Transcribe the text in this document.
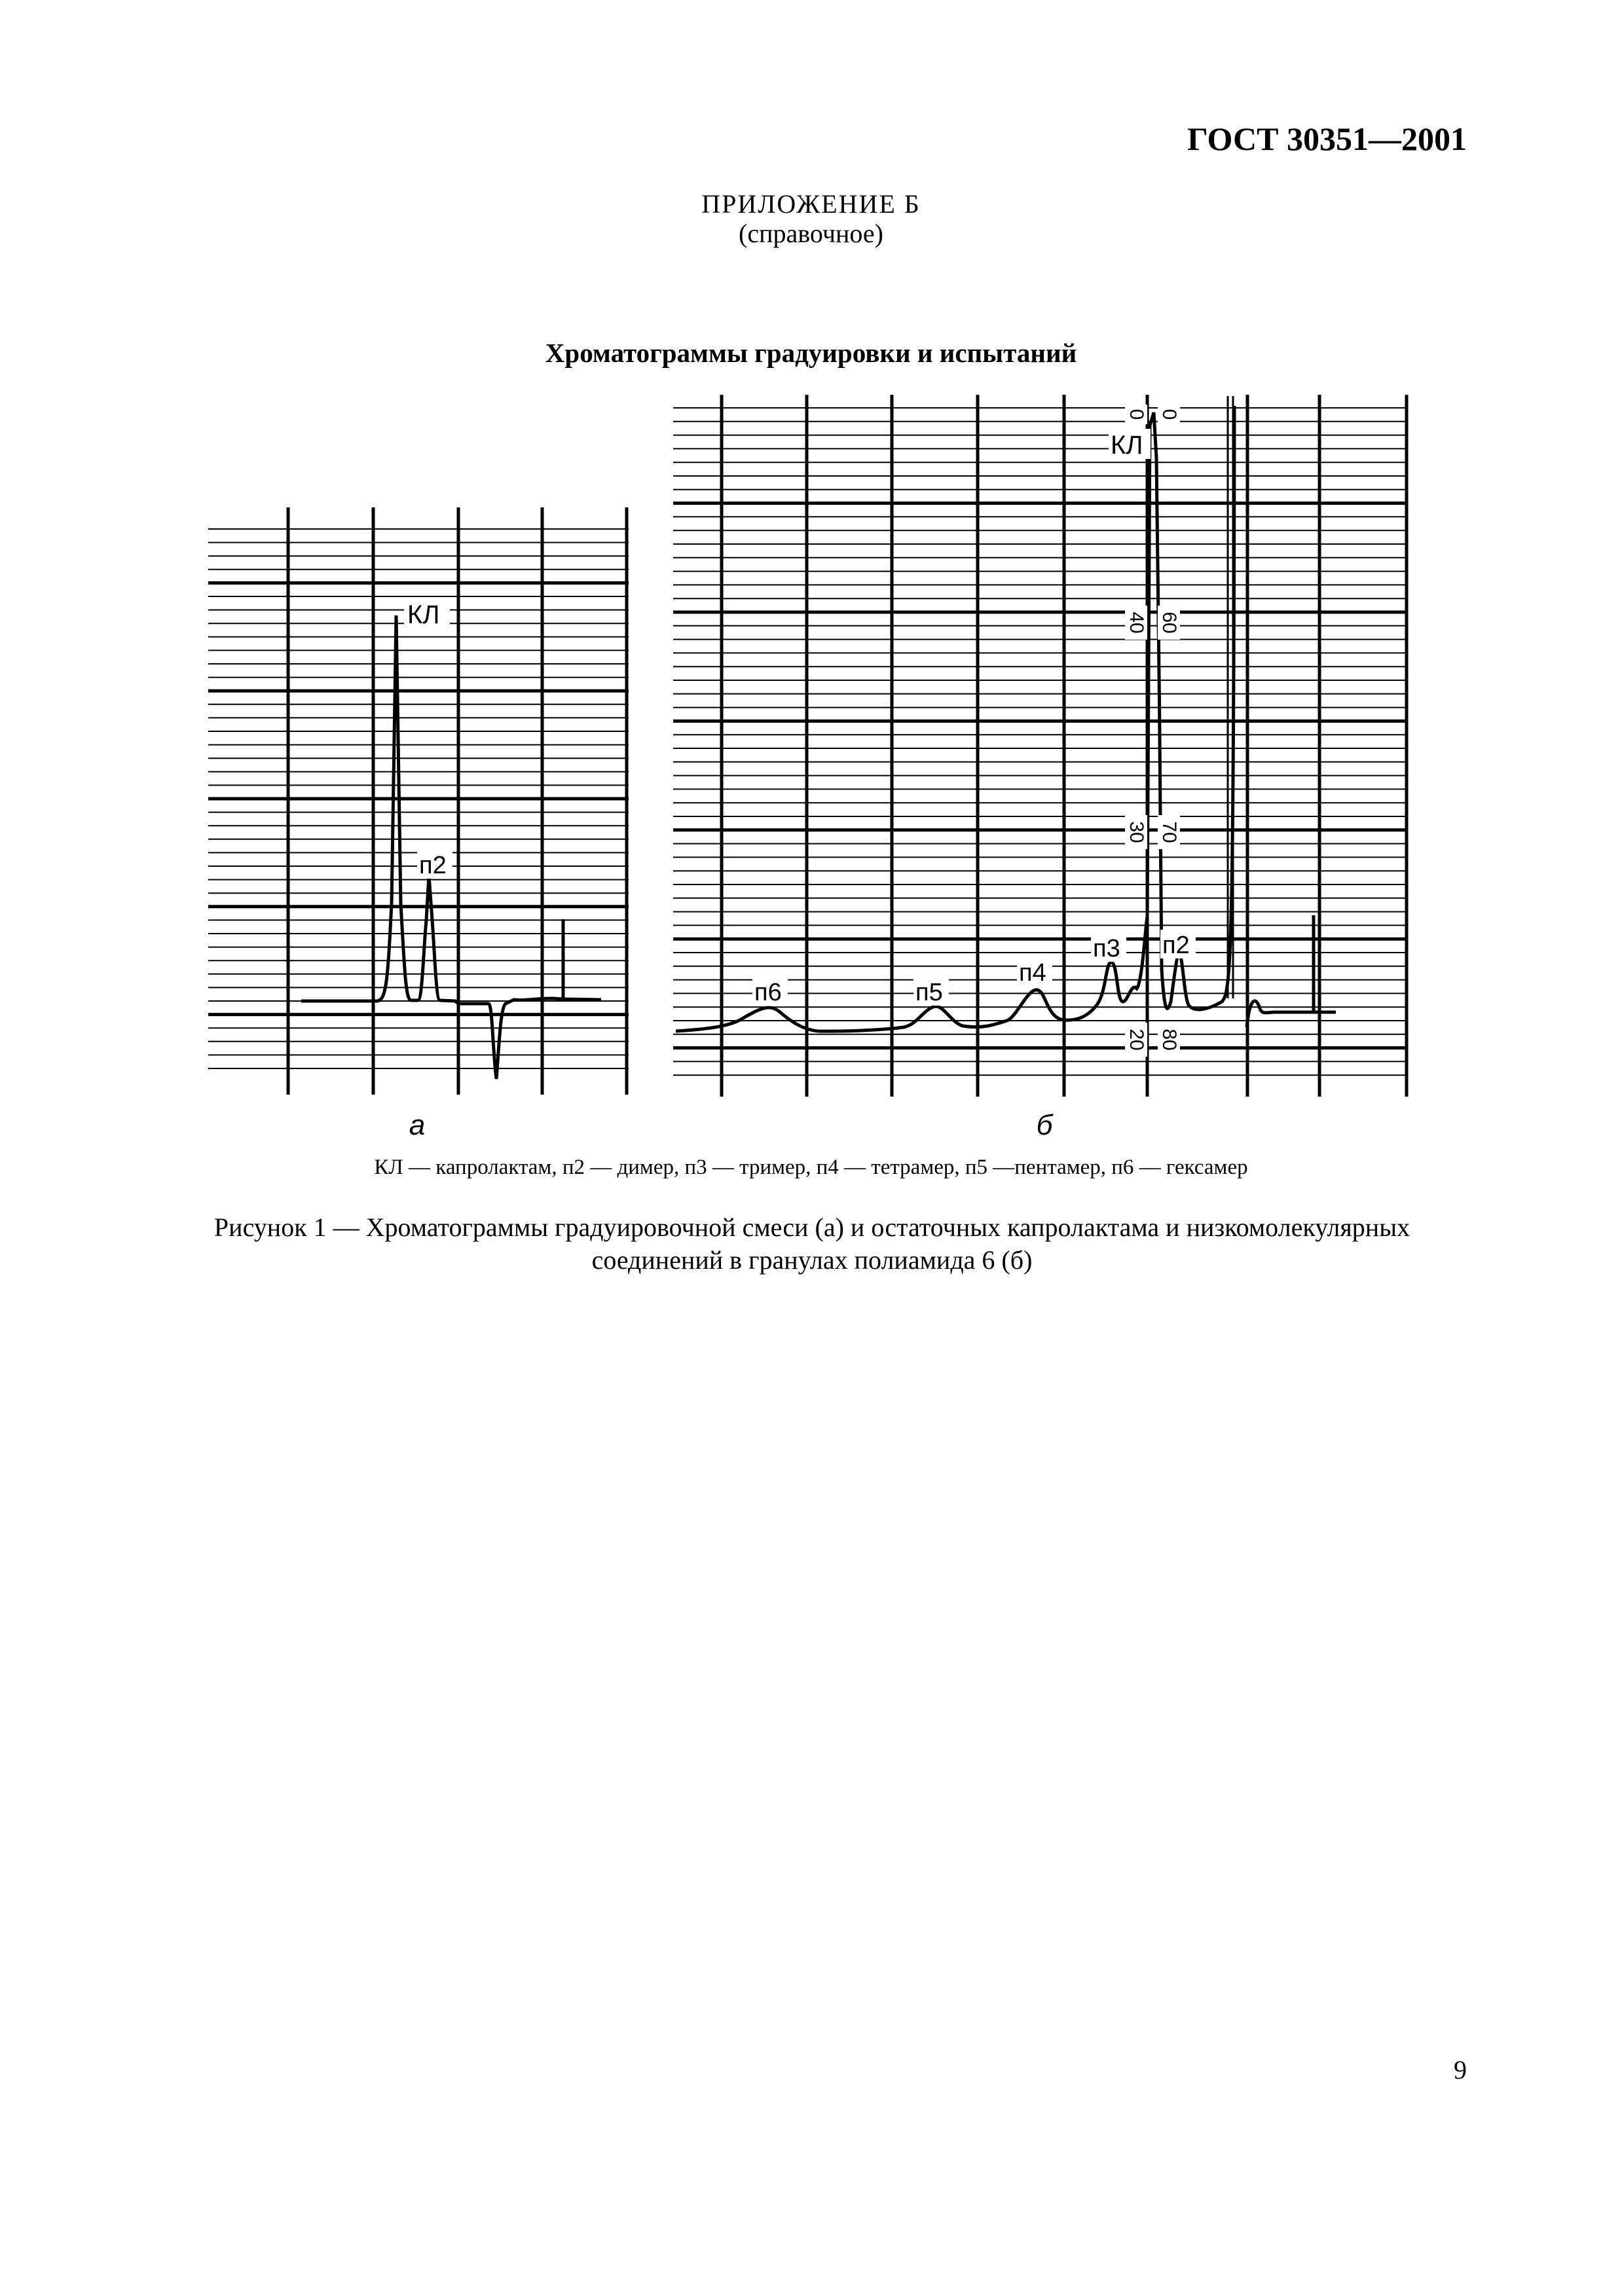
ГОСТ 30351—2001
ПРИЛОЖЕНИЕ Б
(справочное)
Хроматограммы градуировки и испытаний
КЛ
п2
а
КЛ
п2
п3
п4
п5
п6
0
40
30
20
0
60
70
80
б
КЛ — капролактам, п2 — димер, п3 — тример, п4 — тетрамер, п5 —пентамер, п6 — гексамер
Рисунок 1 — Хроматограммы градуировочной смеси (а) и остаточных капролактама и низкомолекулярных
соединений в гранулах полиамида 6 (б)
9
